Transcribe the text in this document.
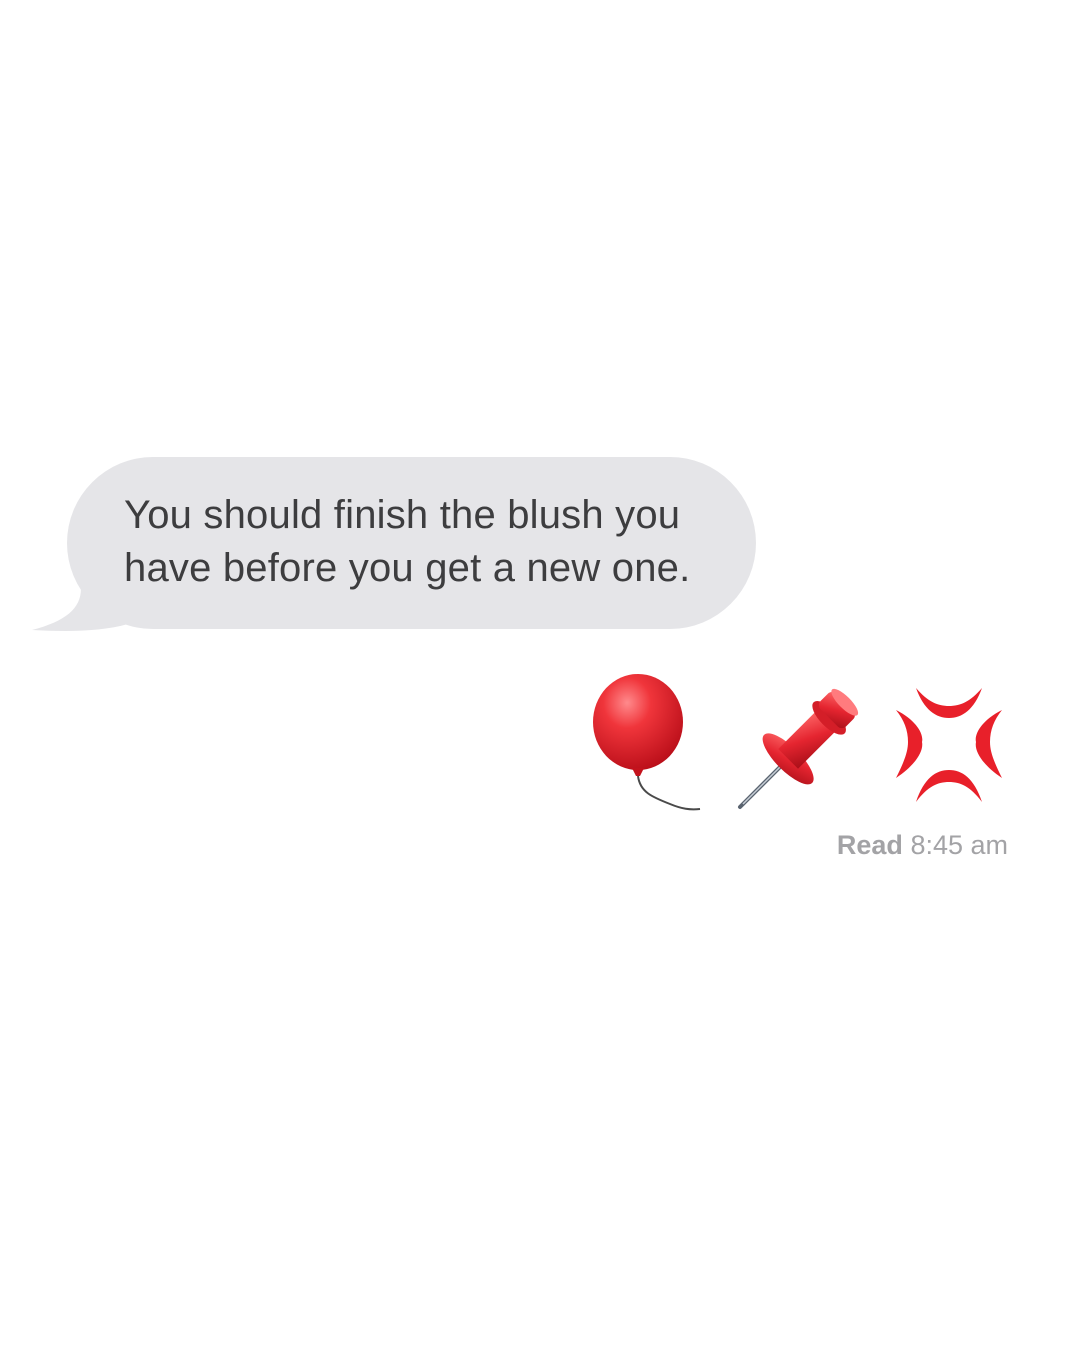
You should finish the blush you
have before you get a new one.

Read 8:45 am
